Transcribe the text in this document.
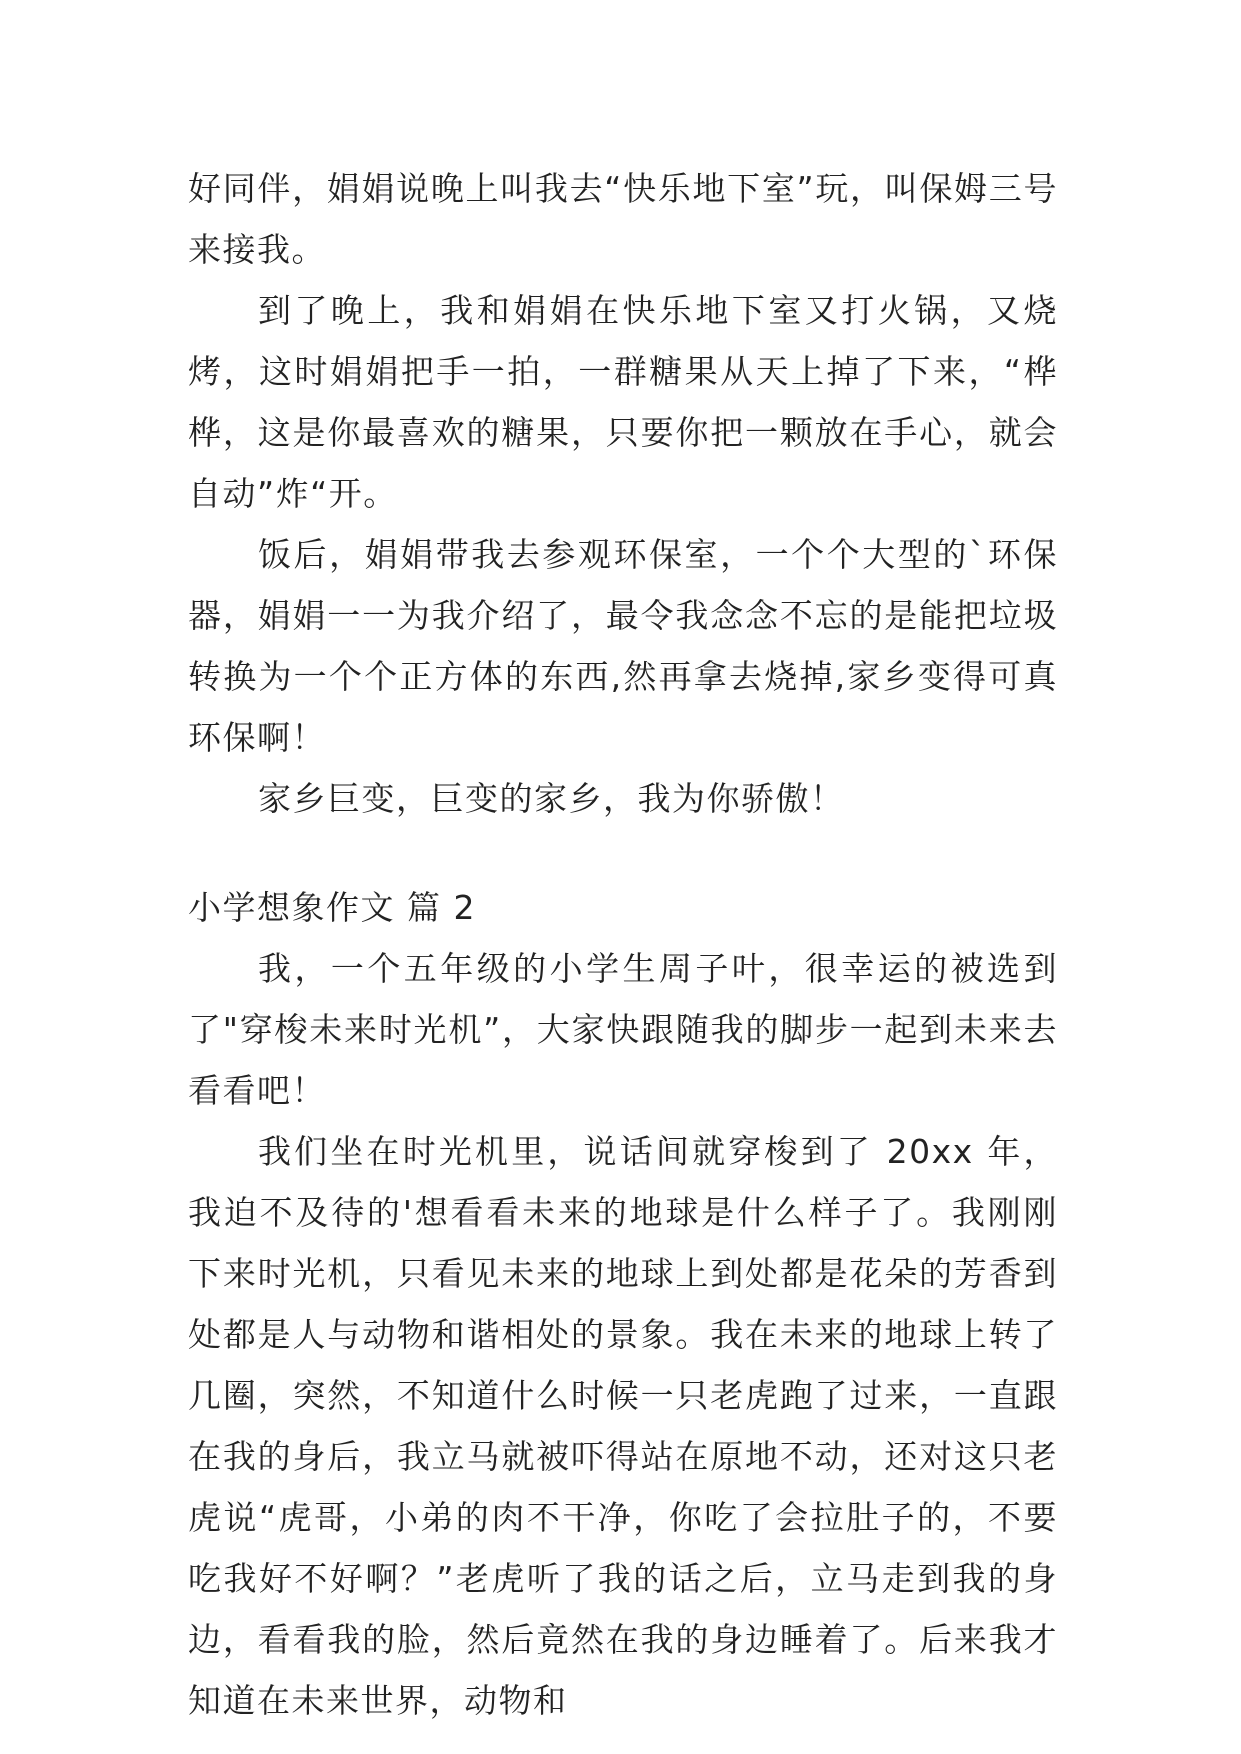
好同伴，娟娟说晚上叫我去“快乐地下室”玩，叫保姆三号来接我。

到了晚上，我和娟娟在快乐地下室又打火锅，又烧烤，这时娟娟把手一拍，一群糖果从天上掉了下来，“桦桦，这是你最喜欢的糖果，只要你把一颗放在手心，就会自动”炸“开。

饭后，娟娟带我去参观环保室，一个个大型的`环保器，娟娟一一为我介绍了，最令我念念不忘的是能把垃圾转换为一个个正方体的东西,然再拿去烧掉,家乡变得可真环保啊！

家乡巨变，巨变的家乡，我为你骄傲！

小学想象作文 篇 2

我，一个五年级的小学生周子叶，很幸运的被选到了"穿梭未来时光机”，大家快跟随我的脚步一起到未来去看看吧！

我们坐在时光机里，说话间就穿梭到了 20xx 年，我迫不及待的'想看看未来的地球是什么样子了。我刚刚下来时光机，只看见未来的地球上到处都是花朵的芳香到处都是人与动物和谐相处的景象。我在未来的地球上转了几圈，突然，不知道什么时候一只老虎跑了过来，一直跟在我的身后，我立马就被吓得站在原地不动，还对这只老虎说“虎哥，小弟的肉不干净，你吃了会拉肚子的，不要吃我好不好啊？”老虎听了我的话之后，立马走到我的身边，看看我的脸，然后竟然在我的身边睡着了。后来我才知道在未来世界，动物和
